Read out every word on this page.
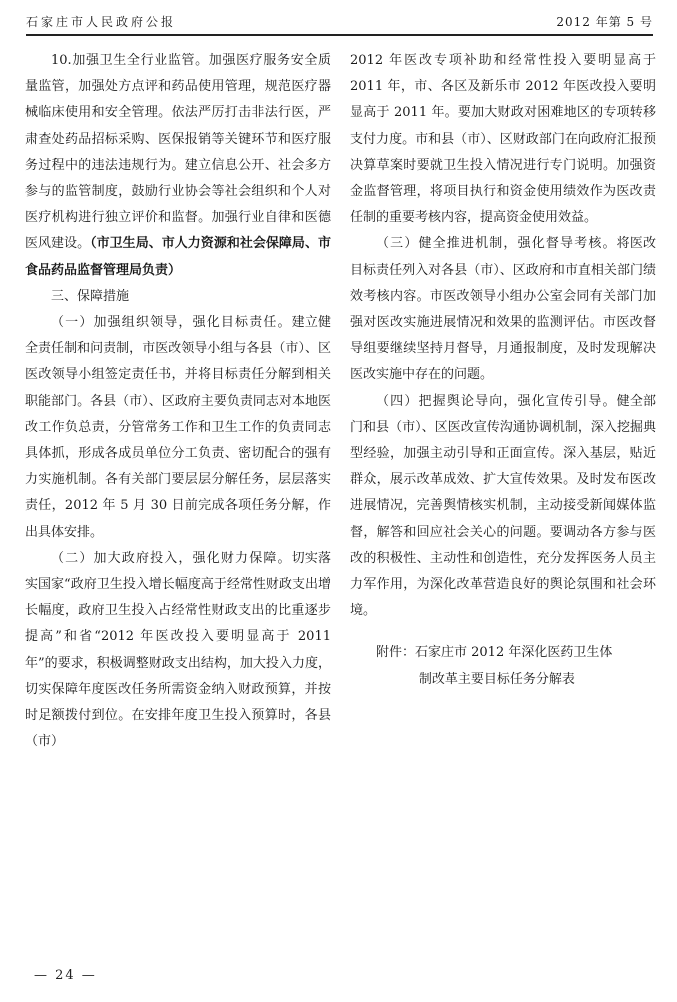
石家庄市人民政府公报	2012 年第 5 号

10.加强卫生全行业监管。加强医疗服务安全质量监管，加强处方点评和药品使用管理，规范医疗器械临床使用和安全管理。依法严厉打击非法行医，严肃查处药品招标采购、医保报销等关键环节和医疗服务过程中的违法违规行为。建立信息公开、社会多方参与的监管制度，鼓励行业协会等社会组织和个人对医疗机构进行独立评价和监督。加强行业自律和医德医风建设。（市卫生局、市人力资源和社会保障局、市食品药品监督管理局负责）

三、保障措施

（一）加强组织领导，强化目标责任。建立健全责任制和问责制，市医改领导小组与各县（市）、区医改领导小组签定责任书，并将目标责任分解到相关职能部门。各县（市）、区政府主要负责同志对本地医改工作负总责，分管常务工作和卫生工作的负责同志具体抓，形成各成员单位分工负责、密切配合的强有力实施机制。各有关部门要层层分解任务，层层落实责任，2012 年 5 月 30 日前完成各项任务分解，作出具体安排。

（二）加大政府投入，强化财力保障。切实落实国家“政府卫生投入增长幅度高于经常性财政支出增长幅度，政府卫生投入占经常性财政支出的比重逐步提高”和省“2012 年医改投入要明显高于 2011 年”的要求，积极调整财政支出结构，加大投入力度，切实保障年度医改任务所需资金纳入财政预算，并按时足额拨付到位。在安排年度卫生投入预算时，各县（市）

2012 年医改专项补助和经常性投入要明显高于 2011 年，市、各区及新乐市 2012 年医改投入要明显高于 2011 年。要加大财政对困难地区的专项转移支付力度。市和县（市）、区财政部门在向政府汇报预决算草案时要就卫生投入情况进行专门说明。加强资金监督管理，将项目执行和资金使用绩效作为医改责任制的重要考核内容，提高资金使用效益。

（三）健全推进机制，强化督导考核。将医改目标责任列入对各县（市）、区政府和市直相关部门绩效考核内容。市医改领导小组办公室会同有关部门加强对医改实施进展情况和效果的监测评估。市医改督导组要继续坚持月督导，月通报制度，及时发现解决医改实施中存在的问题。

（四）把握舆论导向，强化宣传引导。健全部门和县（市）、区医改宣传沟通协调机制，深入挖掘典型经验，加强主动引导和正面宣传。深入基层，贴近群众，展示改革成效、扩大宣传效果。及时发布医改进展情况，完善舆情核实机制，主动接受新闻媒体监督，解答和回应社会关心的问题。要调动各方参与医改的积极性、主动性和创造性，充分发挥医务人员主力军作用，为深化改革营造良好的舆论氛围和社会环境。

附件：石家庄市 2012 年深化医药卫生体

制改革主要目标任务分解表

— 24 —
